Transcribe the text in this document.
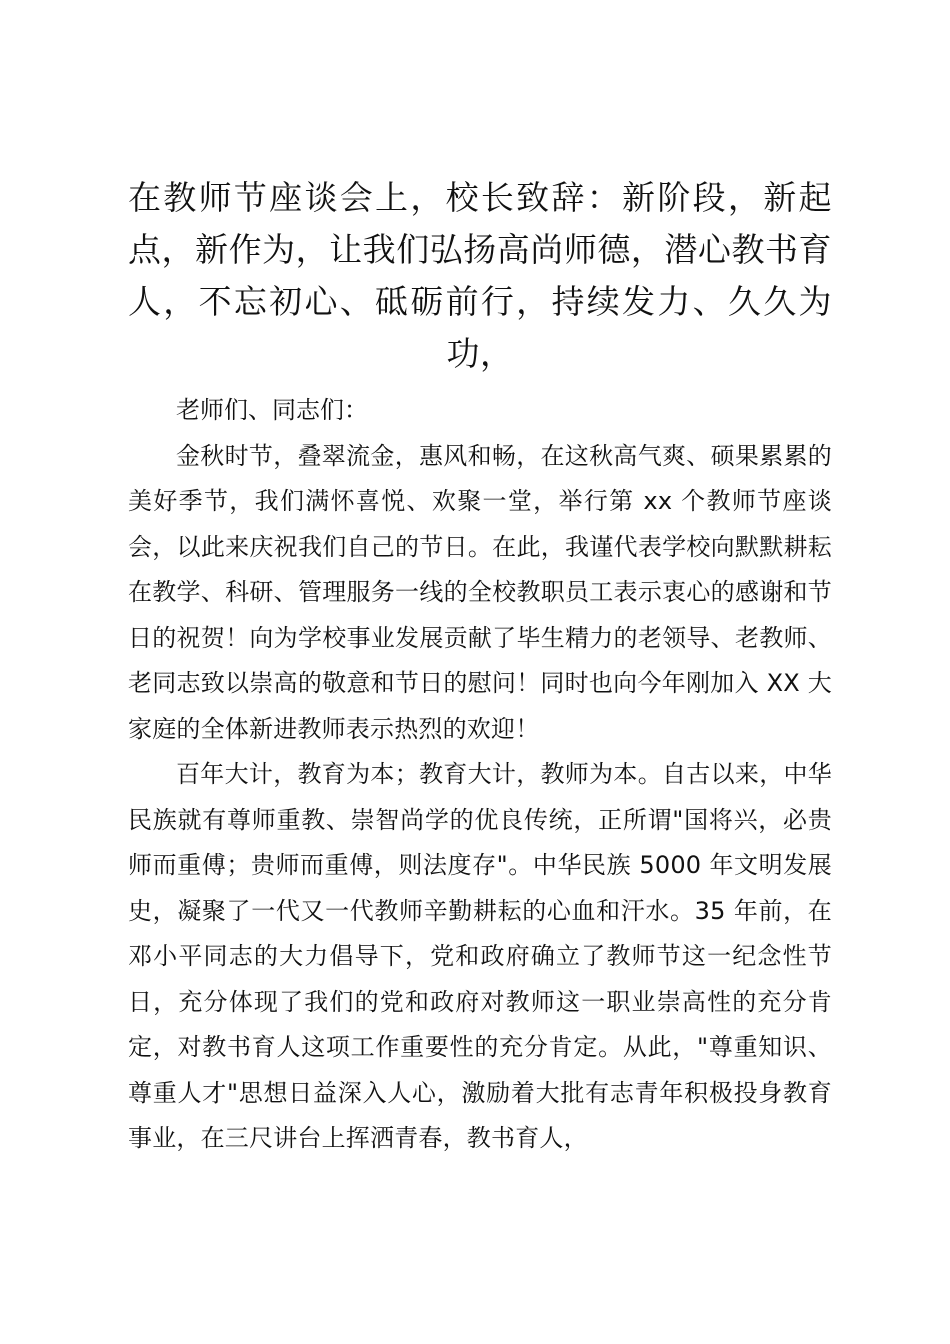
在教师节座谈会上，校长致辞：新阶段，新起点，新作为，让我们弘扬高尚师德，潜心教书育人，不忘初心、砥砺前行，持续发力、久久为功，

老师们、同志们：

金秋时节，叠翠流金，惠风和畅，在这秋高气爽、硕果累累的美好季节，我们满怀喜悦、欢聚一堂，举行第 xx 个教师节座谈会，以此来庆祝我们自己的节日。在此，我谨代表学校向默默耕耘在教学、科研、管理服务一线的全校教职员工表示衷心的感谢和节日的祝贺！向为学校事业发展贡献了毕生精力的老领导、老教师、老同志致以崇高的敬意和节日的慰问！同时也向今年刚加入 XX 大家庭的全体新进教师表示热烈的欢迎！

百年大计，教育为本；教育大计，教师为本。自古以来，中华民族就有尊师重教、崇智尚学的优良传统，正所谓"国将兴，必贵师而重傅；贵师而重傅，则法度存"。中华民族 5000 年文明发展史，凝聚了一代又一代教师辛勤耕耘的心血和汗水。35 年前，在邓小平同志的大力倡导下，党和政府确立了教师节这一纪念性节日，充分体现了我们的党和政府对教师这一职业崇高性的充分肯定，对教书育人这项工作重要性的充分肯定。从此，"尊重知识、尊重人才"思想日益深入人心，激励着大批有志青年积极投身教育事业，在三尺讲台上挥洒青春，教书育人，
